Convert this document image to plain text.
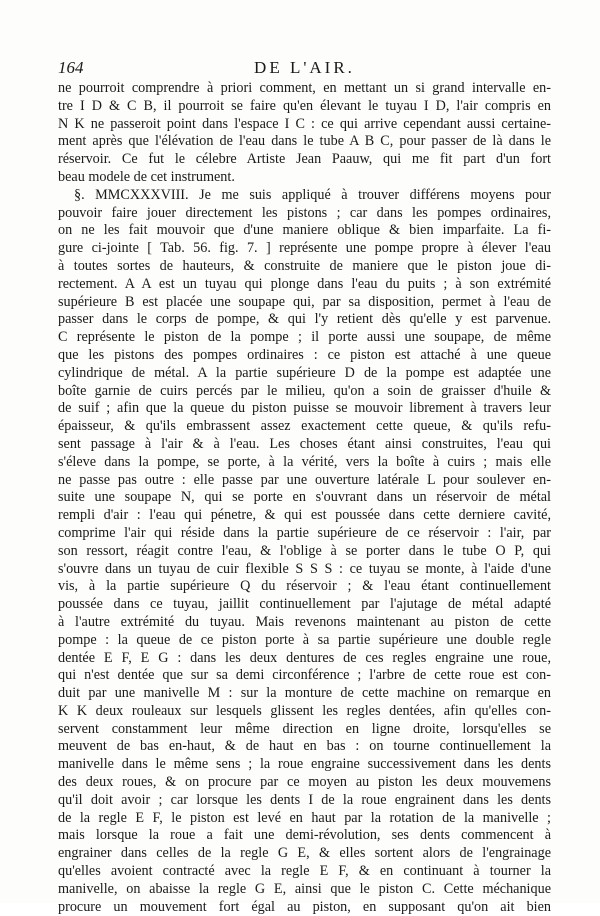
164	DE L'AIR.
ne pourroit comprendre à priori comment, en mettant un si grand intervalle en-
tre I D & C B, il pourroit se faire qu'en élevant le tuyau I D, l'air compris en
N K ne passeroit point dans l'espace I C : ce qui arrive cependant aussi certaine-
ment après que l'élévation de l'eau dans le tube A B C, pour passer de là dans le
réservoir. Ce fut le célebre Artiste Jean Paauw, qui me fit part d'un fort
beau modele de cet instrument.
§. MMCXXXVIII. Je me suis appliqué à trouver différens moyens pour
pouvoir faire jouer directement les pistons ; car dans les pompes ordinaires,
on ne les fait mouvoir que d'une maniere oblique & bien imparfaite. La fi-
gure ci-jointe [ Tab. 56. fig. 7. ] représente une pompe propre à élever l'eau
à toutes sortes de hauteurs, & construite de maniere que le piston joue di-
rectement. A A est un tuyau qui plonge dans l'eau du puits ; à son extrémité
supérieure B est placée une soupape qui, par sa disposition, permet à l'eau de
passer dans le corps de pompe, & qui l'y retient dès qu'elle y est parvenue.
C représente le piston de la pompe ; il porte aussi une soupape, de même
que les pistons des pompes ordinaires : ce piston est attaché à une queue
cylindrique de métal. A la partie supérieure D de la pompe est adaptée une
boîte garnie de cuirs percés par le milieu, qu'on a soin de graisser d'huile &
de suif ; afin que la queue du piston puisse se mouvoir librement à travers leur
épaisseur, & qu'ils embrassent assez exactement cette queue, & qu'ils refu-
sent passage à l'air & à l'eau. Les choses étant ainsi construites, l'eau qui
s'éleve dans la pompe, se porte, à la vérité, vers la boîte à cuirs ; mais elle
ne passe pas outre : elle passe par une ouverture latérale L pour soulever en-
suite une soupape N, qui se porte en s'ouvrant dans un réservoir de métal
rempli d'air : l'eau qui pénetre, & qui est poussée dans cette derniere cavité,
comprime l'air qui réside dans la partie supérieure de ce réservoir : l'air, par
son ressort, réagit contre l'eau, & l'oblige à se porter dans le tube O P, qui
s'ouvre dans un tuyau de cuir flexible S S S : ce tuyau se monte, à l'aide d'une
vis, à la partie supérieure Q du réservoir ; & l'eau étant continuellement
poussée dans ce tuyau, jaillit continuellement par l'ajutage de métal adapté
à l'autre extrémité du tuyau. Mais revenons maintenant au piston de cette
pompe : la queue de ce piston porte à sa partie supérieure une double regle
dentée E F, E G : dans les deux dentures de ces regles engraine une roue,
qui n'est dentée que sur sa demi circonférence ; l'arbre de cette roue est con-
duit par une manivelle M : sur la monture de cette machine on remarque en
K K deux rouleaux sur lesquels glissent les regles dentées, afin qu'elles con-
servent constamment leur même direction en ligne droite, lorsqu'elles se
meuvent de bas en-haut, & de haut en bas : on tourne continuellement la
manivelle dans le même sens ; la roue engraine successivement dans les dents
des deux roues, & on procure par ce moyen au piston les deux mouvemens
qu'il doit avoir ; car lorsque les dents I de la roue engrainent dans les dents
de la regle E F, le piston est levé en haut par la rotation de la manivelle ;
mais lorsque la roue a fait une demi-révolution, ses dents commencent à
engrainer dans celles de la regle G E, & elles sortent alors de l'engrainage
qu'elles avoient contracté avec la regle E F, & en continuant à tourner la
manivelle, on abaisse la regle G E, ainsi que le piston C. Cette méchanique
procure un mouvement fort égal au piston, en supposant qu'on ait bien
